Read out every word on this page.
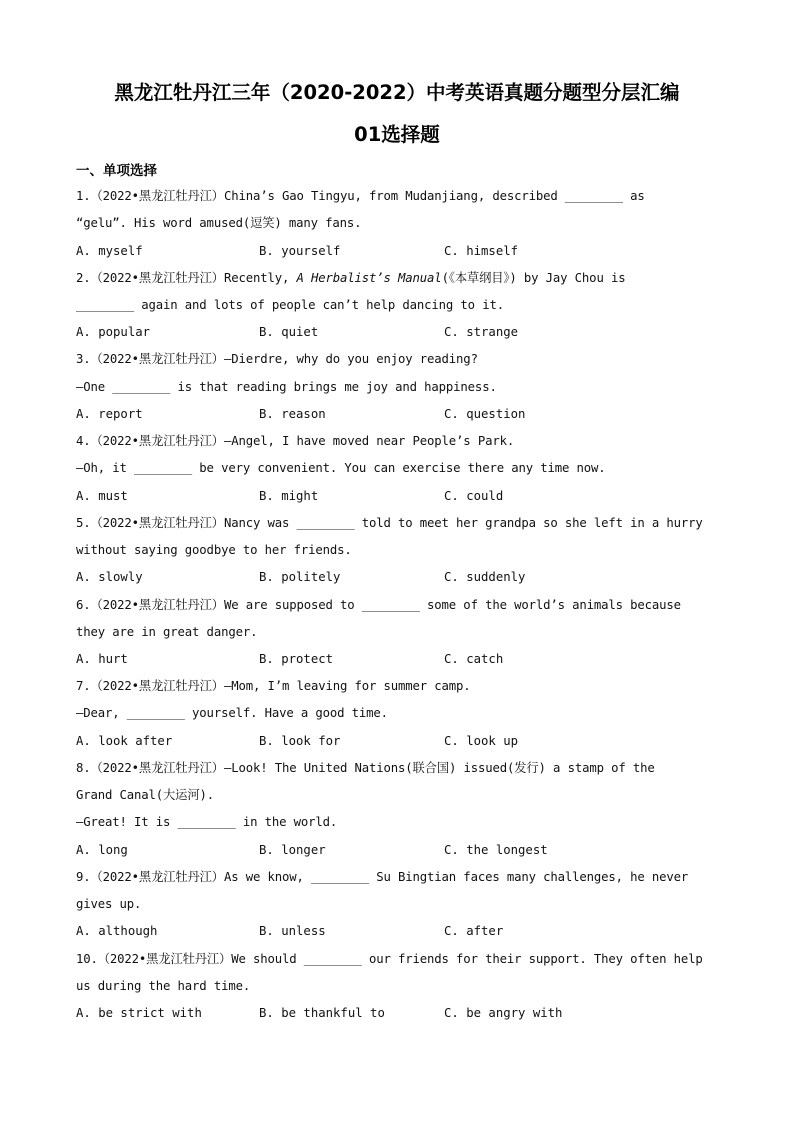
黑龙江牡丹江三年（2020-2022）中考英语真题分题型分层汇编
01选择题
一、单项选择
1.（2022•黑龙江牡丹江）China’s Gao Tingyu, from Mudanjiang, described ________ as
“gelu”. His word amused(逗笑) many fans.
A. myself	B. yourself	C. himself
2.（2022•黑龙江牡丹江）Recently, A Herbalist’s Manual(《本草纲目》) by Jay Chou is
________ again and lots of people can’t help dancing to it.
A. popular	B. quiet	C. strange
3.（2022•黑龙江牡丹江）—Dierdre, why do you enjoy reading?
—One ________ is that reading brings me joy and happiness.
A. report	B. reason	C. question
4.（2022•黑龙江牡丹江）—Angel, I have moved near People’s Park.
—Oh, it ________ be very convenient. You can exercise there any time now.
A. must	B. might	C. could
5.（2022•黑龙江牡丹江）Nancy was ________ told to meet her grandpa so she left in a hurry
without saying goodbye to her friends.
A. slowly	B. politely	C. suddenly
6.（2022•黑龙江牡丹江）We are supposed to ________ some of the world’s animals because
they are in great danger.
A. hurt	B. protect	C. catch
7.（2022•黑龙江牡丹江）—Mom, I’m leaving for summer camp.
—Dear, ________ yourself. Have a good time.
A. look after	B. look for	C. look up
8.（2022•黑龙江牡丹江）—Look! The United Nations(联合国) issued(发行) a stamp of the
Grand Canal(大运河).
—Great! It is ________ in the world.
A. long	B. longer	C. the longest
9.（2022•黑龙江牡丹江）As we know, ________ Su Bingtian faces many challenges, he never
gives up.
A. although	B. unless	C. after
10.（2022•黑龙江牡丹江）We should ________ our friends for their support. They often help
us during the hard time.
A. be strict with	B. be thankful to	C. be angry with
